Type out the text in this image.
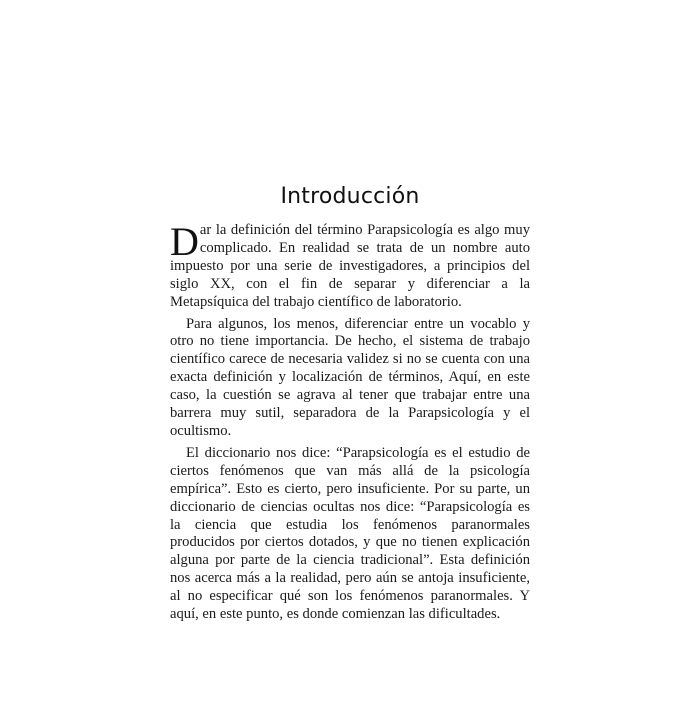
Introducción

Dar la definición del término Parapsicología es algo muy complicado. En realidad se trata de un nombre auto impuesto por una serie de investigadores, a principios del siglo XX, con el fin de separar y diferenciar a la Metapsíquica del trabajo científico de laboratorio.

Para algunos, los menos, diferenciar entre un vocablo y otro no tiene importancia. De hecho, el sistema de trabajo científico carece de necesaria validez si no se cuenta con una exacta definición y localización de términos, Aquí, en este caso, la cuestión se agrava al tener que trabajar entre una barrera muy sutil, separadora de la Parapsicología y el ocultismo.

El diccionario nos dice: “Parapsicología es el estudio de ciertos fenómenos que van más allá de la psicología empírica”. Esto es cierto, pero insuficiente. Por su parte, un diccionario de ciencias ocultas nos dice: “Parapsicología es la ciencia que estudia los fenómenos paranormales producidos por ciertos dotados, y que no tienen explicación alguna por parte de la ciencia tradicional”. Esta definición nos acerca más a la realidad, pero aún se antoja insuficiente, al no especificar qué son los fenómenos paranormales. Y aquí, en este punto, es donde comienzan las dificultades.
